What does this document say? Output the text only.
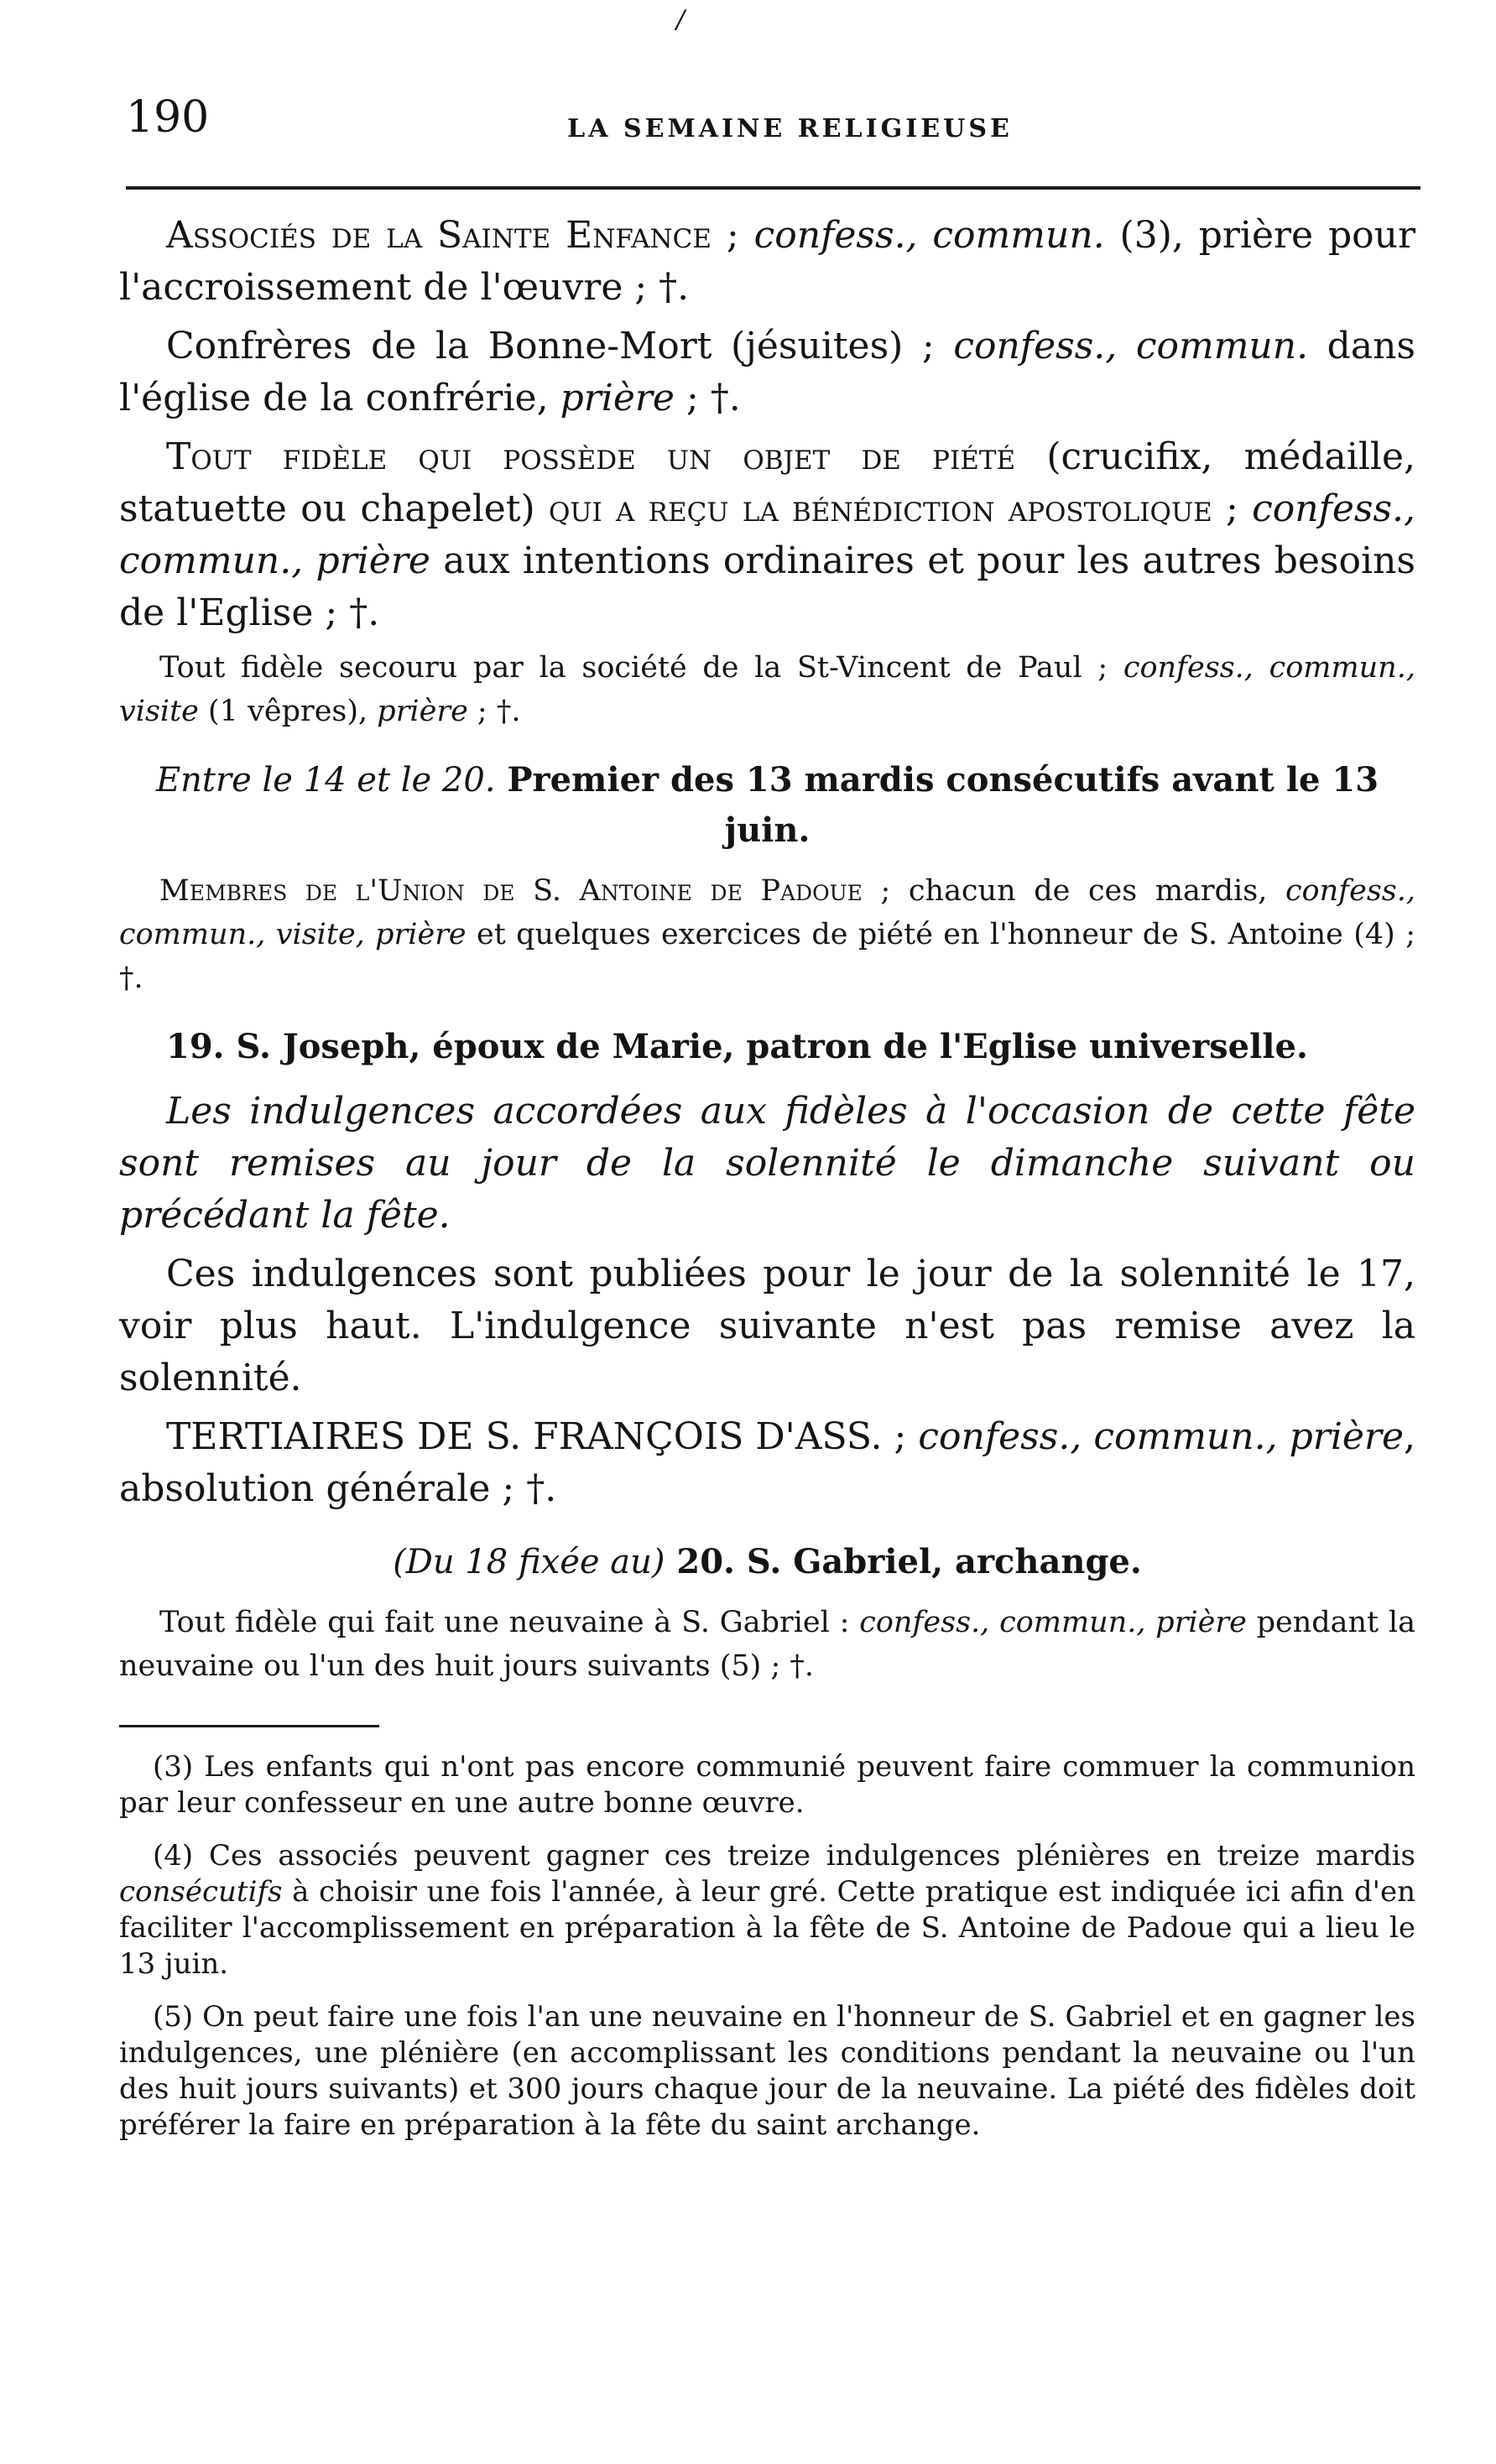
/
190	LA SEMAINE RELIGIEUSE

Associés de la Sainte Enfance ; confess., commun. (3), prière pour l'accroissement de l'œuvre ; †.

Confrères de la Bonne-Mort (jésuites) ; confess., commun. dans l'église de la confrérie, prière ; †.

Tout fidèle qui possède un objet de piété (crucifix, médaille, statuette ou chapelet) qui a reçu la bénédiction apostolique ; confess., commun., prière aux intentions ordinaires et pour les autres besoins de l'Eglise ; †.

Tout fidèle secouru par la société de la St-Vincent de Paul ; confess., commun., visite (1 vêpres), prière ; †.

Entre le 14 et le 20. Premier des 13 mardis consécutifs avant le 13 juin.

Membres de l'Union de S. Antoine de Padoue ; chacun de ces mardis, confess., commun., visite, prière et quelques exercices de piété en l'honneur de S. Antoine (4) ; †.

19. S. Joseph, époux de Marie, patron de l'Eglise universelle.

Les indulgences accordées aux fidèles à l'occasion de cette fête sont remises au jour de la solennité le dimanche suivant ou précédant la fête.

Ces indulgences sont publiées pour le jour de la solennité le 17, voir plus haut. L'indulgence suivante n'est pas remise avez la solennité.

TERTIAIRES DE S. FRANÇOIS D'ASS. ; confess., commun., prière, absolution générale ; †.

(Du 18 fixée au) 20. S. Gabriel, archange.

Tout fidèle qui fait une neuvaine à S. Gabriel : confess., commun., prière pendant la neuvaine ou l'un des huit jours suivants (5) ; †.

(3) Les enfants qui n'ont pas encore communié peuvent faire commuer la communion par leur confesseur en une autre bonne œuvre.

(4) Ces associés peuvent gagner ces treize indulgences plénières en treize mardis consécutifs à choisir une fois l'année, à leur gré. Cette pratique est indiquée ici afin d'en faciliter l'accomplissement en préparation à la fête de S. Antoine de Padoue qui a lieu le 13 juin.

(5) On peut faire une fois l'an une neuvaine en l'honneur de S. Gabriel et en gagner les indulgences, une plénière (en accomplissant les conditions pendant la neuvaine ou l'un des huit jours suivants) et 300 jours chaque jour de la neuvaine. La piété des fidèles doit préférer la faire en préparation à la fête du saint archange.
